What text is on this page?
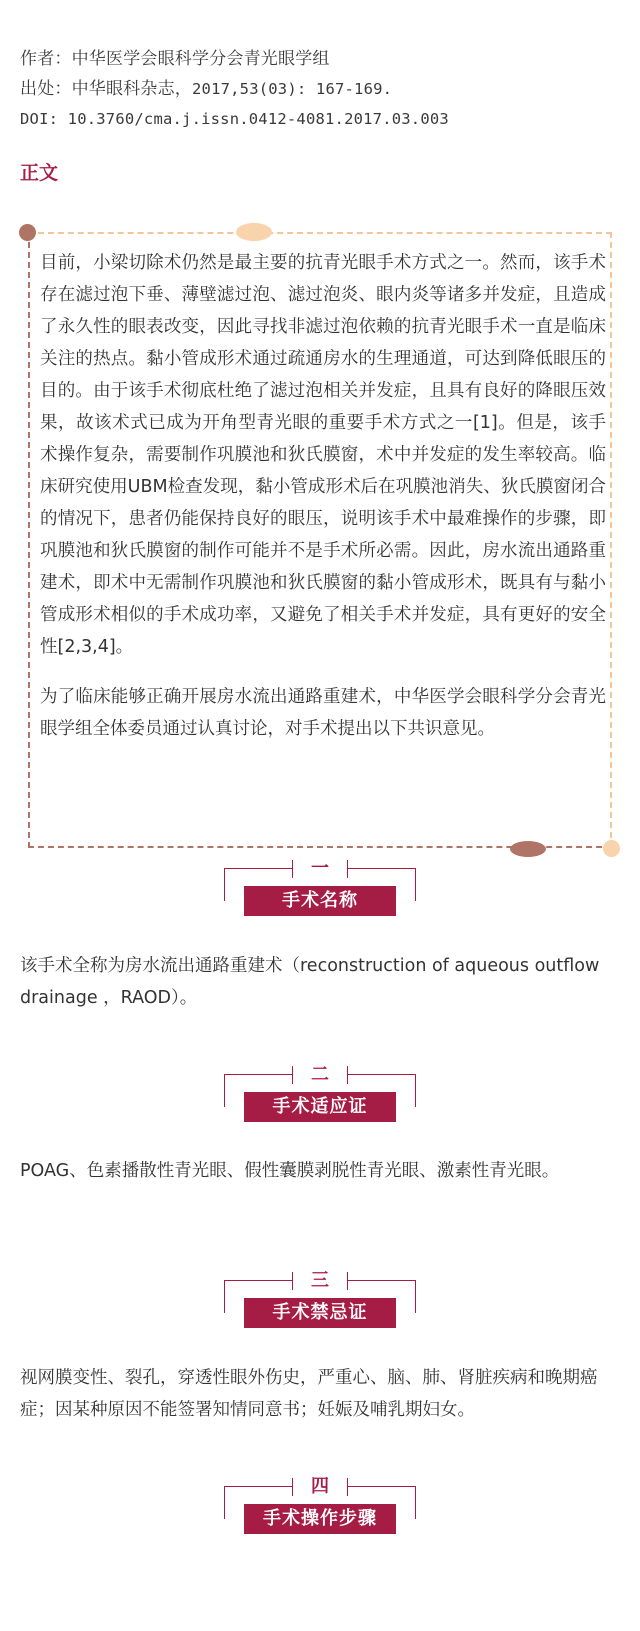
作者：中华医学会眼科学分会青光眼学组
出处：中华眼科杂志，2017,53(03): 167-169.
DOI: 10.3760/cma.j.issn.0412-4081.2017.03.003
正文

目前，小梁切除术仍然是最主要的抗青光眼手术方式之一。然而，该手术存在滤过泡下垂、薄壁滤过泡、滤过泡炎、眼内炎等诸多并发症，且造成了永久性的眼表改变，因此寻找非滤过泡依赖的抗青光眼手术一直是临床关注的热点。黏小管成形术通过疏通房水的生理通道，可达到降低眼压的目的。由于该手术彻底杜绝了滤过泡相关并发症，且具有良好的降眼压效果，故该术式已成为开角型青光眼的重要手术方式之一[1]。但是，该手术操作复杂，需要制作巩膜池和狄氏膜窗，术中并发症的发生率较高。临床研究使用UBM检查发现，黏小管成形术后在巩膜池消失、狄氏膜窗闭合的情况下，患者仍能保持良好的眼压，说明该手术中最难操作的步骤，即巩膜池和狄氏膜窗的制作可能并不是手术所必需。因此，房水流出通路重建术，即术中无需制作巩膜池和狄氏膜窗的黏小管成形术，既具有与黏小管成形术相似的手术成功率，又避免了相关手术并发症，具有更好的安全性[2,3,4]。

为了临床能够正确开展房水流出通路重建术，中华医学会眼科学分会青光眼学组全体委员通过认真讨论，对手术提出以下共识意见。

一
手术名称
该手术全称为房水流出通路重建术（reconstruction of aqueous outflow drainage ，RAOD）。
二
手术适应证
POAG、色素播散性青光眼、假性囊膜剥脱性青光眼、激素性青光眼。
三
手术禁忌证
视网膜变性、裂孔，穿透性眼外伤史，严重心、脑、肺、肾脏疾病和晚期癌症；因某种原因不能签署知情同意书；妊娠及哺乳期妇女。
四
手术操作步骤
